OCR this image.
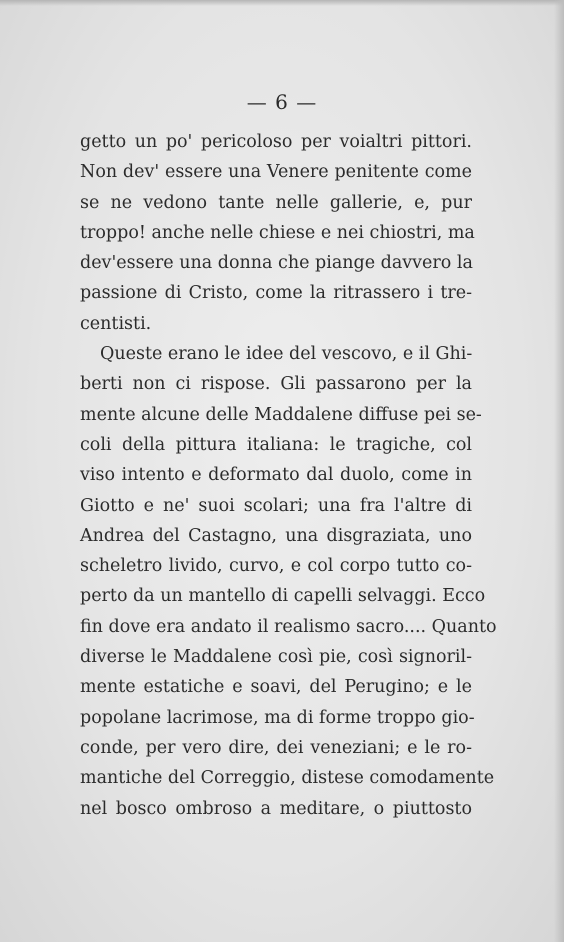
— 6 —
getto un po' pericoloso per voialtri pittori.
Non dev' essere una Venere penitente come
se ne vedono tante nelle gallerie, e, pur
troppo! anche nelle chiese e nei chiostri, ma
dev'essere una donna che piange davvero la
passione di Cristo, come la ritrassero i tre-
centisti.
Queste erano le idee del vescovo, e il Ghi-
berti non ci rispose. Gli passarono per la
mente alcune delle Maddalene diffuse pei se-
coli della pittura italiana: le tragiche, col
viso intento e deformato dal duolo, come in
Giotto e ne' suoi scolari; una fra l'altre di
Andrea del Castagno, una disgraziata, uno
scheletro livido, curvo, e col corpo tutto co-
perto da un mantello di capelli selvaggi. Ecco
fin dove era andato il realismo sacro.... Quanto
diverse le Maddalene così pie, così signoril-
mente estatiche e soavi, del Perugino; e le
popolane lacrimose, ma di forme troppo gio-
conde, per vero dire, dei veneziani; e le ro-
mantiche del Correggio, distese comodamente
nel bosco ombroso a meditare, o piuttosto
